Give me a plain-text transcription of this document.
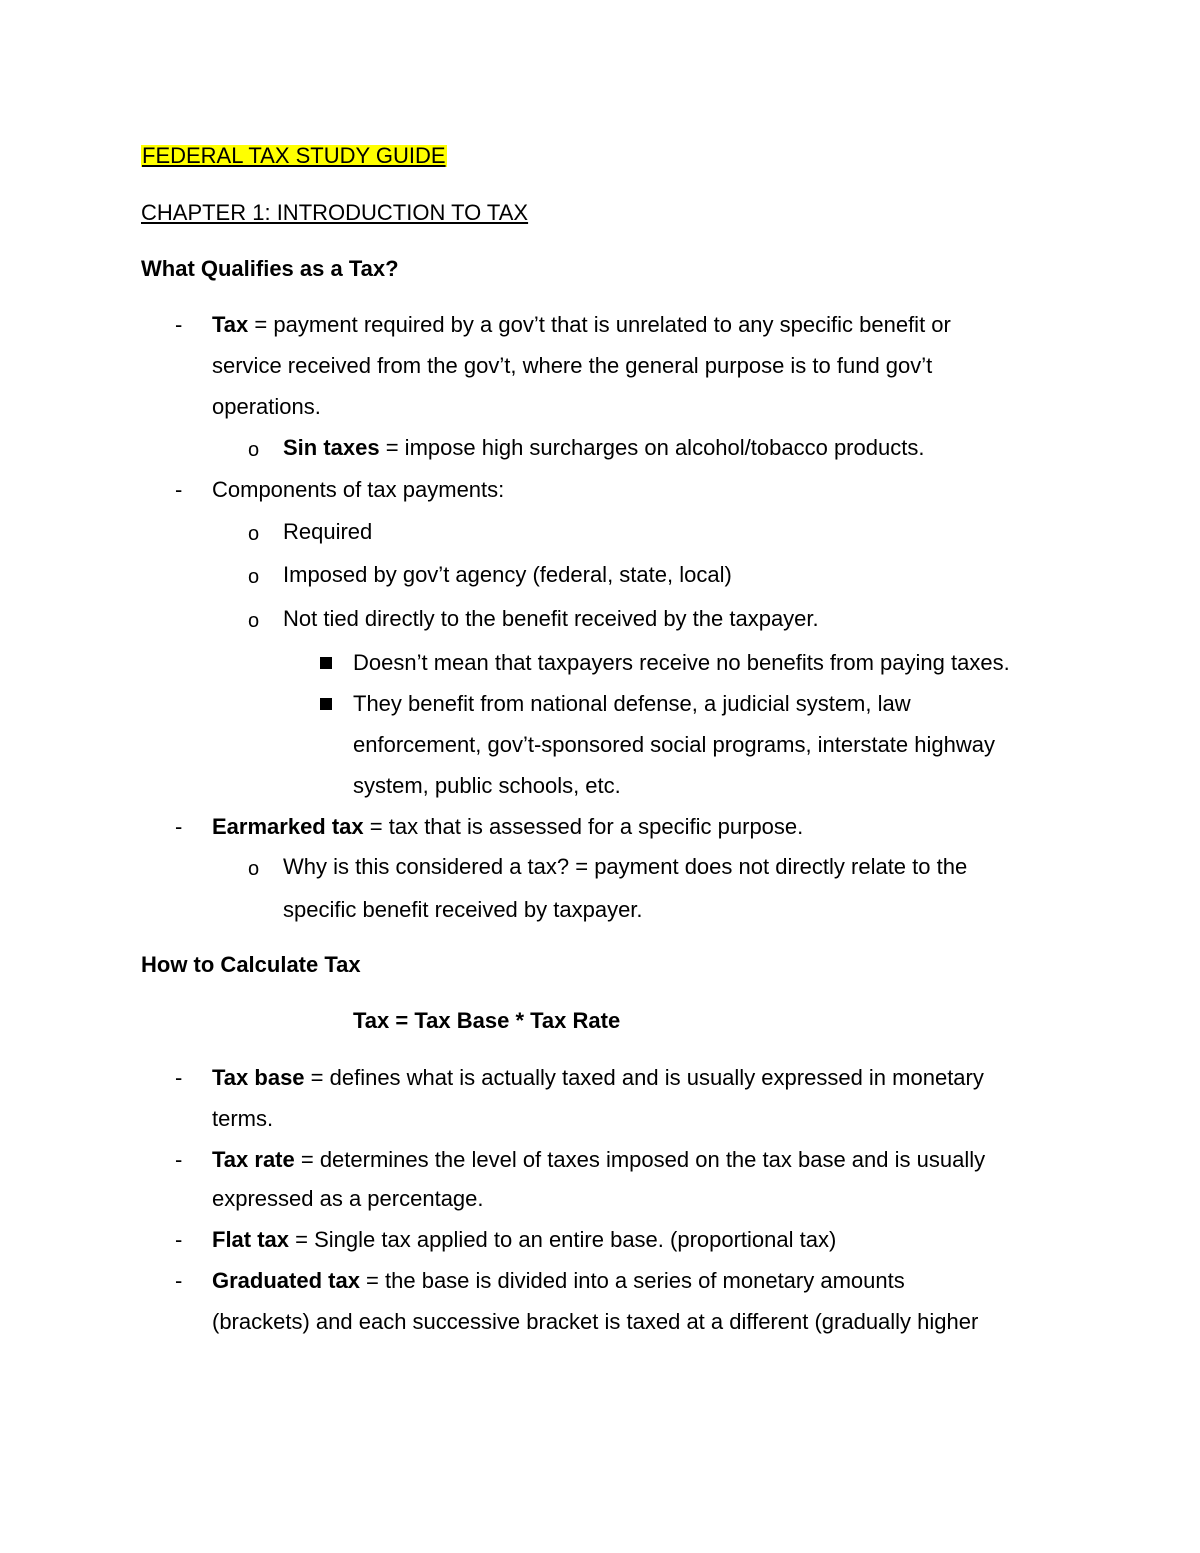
FEDERAL TAX STUDY GUIDE
CHAPTER 1: INTRODUCTION TO TAX
What Qualifies as a Tax?
- Tax = payment required by a gov’t that is unrelated to any specific benefit or
service received from the gov’t, where the general purpose is to fund gov’t
operations.
o Sin taxes = impose high surcharges on alcohol/tobacco products.
- Components of tax payments:
o Required
o Imposed by gov’t agency (federal, state, local)
o Not tied directly to the benefit received by the taxpayer.
Doesn’t mean that taxpayers receive no benefits from paying taxes.
They benefit from national defense, a judicial system, law
enforcement, gov’t-sponsored social programs, interstate highway
system, public schools, etc.
- Earmarked tax = tax that is assessed for a specific purpose.
o Why is this considered a tax? = payment does not directly relate to the
specific benefit received by taxpayer.
How to Calculate Tax
Tax = Tax Base * Tax Rate
- Tax base = defines what is actually taxed and is usually expressed in monetary
terms.
- Tax rate = determines the level of taxes imposed on the tax base and is usually
expressed as a percentage.
- Flat tax = Single tax applied to an entire base. (proportional tax)
- Graduated tax = the base is divided into a series of monetary amounts
(brackets) and each successive bracket is taxed at a different (gradually higher
